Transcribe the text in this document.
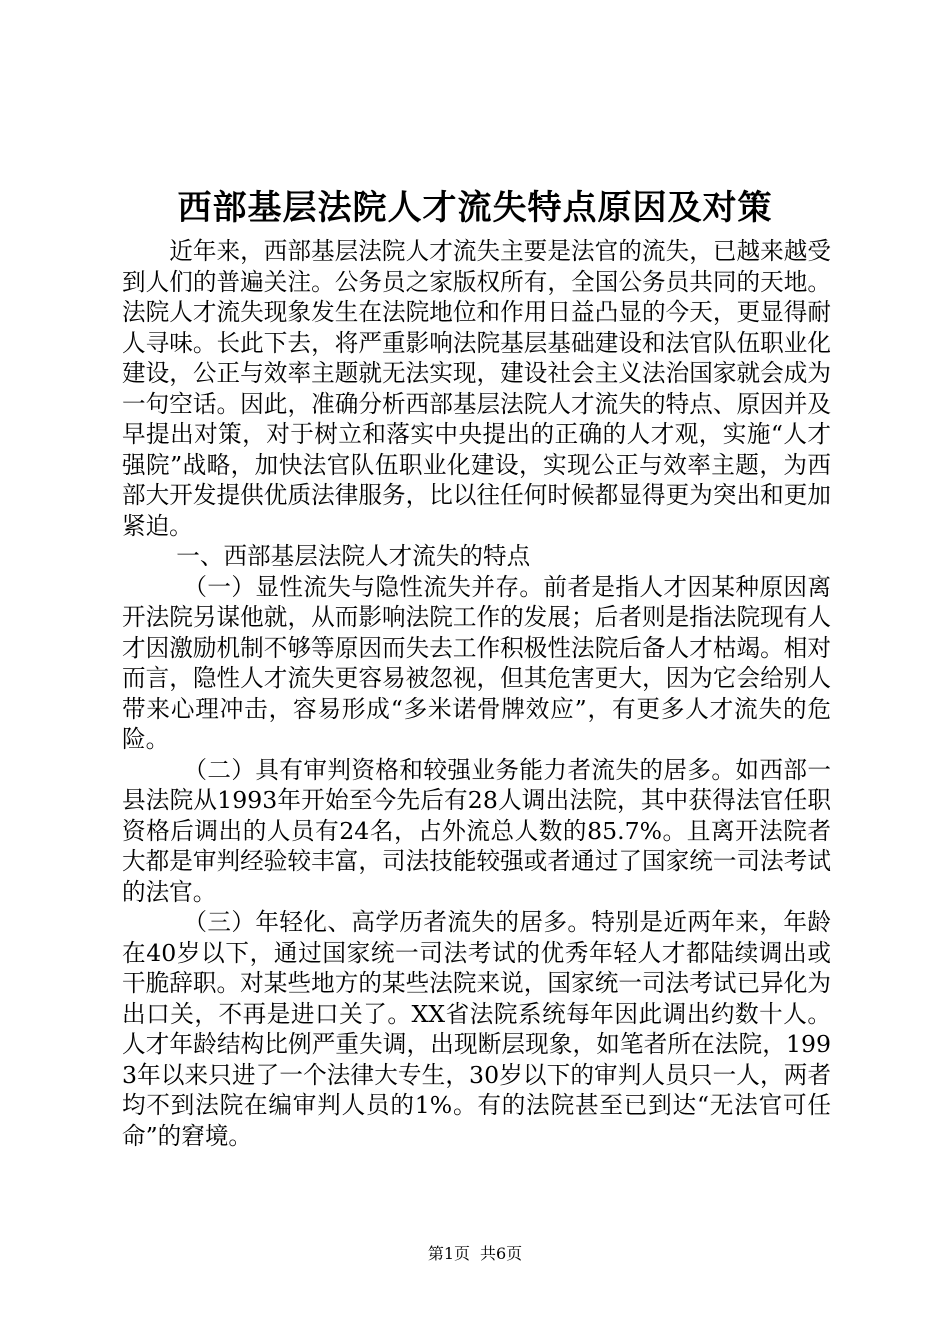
西部基层法院人才流失特点原因及对策

近年来，西部基层法院人才流失主要是法官的流失，已越来越受到人们的普遍关注。公务员之家版权所有，全国公务员共同的天地。法院人才流失现象发生在法院地位和作用日益凸显的今天，更显得耐人寻味。长此下去，将严重影响法院基层基础建设和法官队伍职业化建设，公正与效率主题就无法实现，建设社会主义法治国家就会成为一句空话。因此，准确分析西部基层法院人才流失的特点、原因并及早提出对策，对于树立和落实中央提出的正确的人才观，实施“人才强院”战略，加快法官队伍职业化建设，实现公正与效率主题，为西部大开发提供优质法律服务，比以往任何时候都显得更为突出和更加紧迫。

一、西部基层法院人才流失的特点

（一）显性流失与隐性流失并存。前者是指人才因某种原因离开法院另谋他就，从而影响法院工作的发展；后者则是指法院现有人才因激励机制不够等原因而失去工作积极性法院后备人才枯竭。相对而言，隐性人才流失更容易被忽视，但其危害更大，因为它会给别人带来心理冲击，容易形成“多米诺骨牌效应”，有更多人才流失的危险。

（二）具有审判资格和较强业务能力者流失的居多。如西部一县法院从1993年开始至今先后有28人调出法院，其中获得法官任职资格后调出的人员有24名，占外流总人数的85.7%。且离开法院者大都是审判经验较丰富，司法技能较强或者通过了国家统一司法考试的法官。

（三）年轻化、高学历者流失的居多。特别是近两年来，年龄在40岁以下，通过国家统一司法考试的优秀年轻人才都陆续调出或干脆辞职。对某些地方的某些法院来说，国家统一司法考试已异化为出口关，不再是进口关了。XX省法院系统每年因此调出约数十人。人才年龄结构比例严重失调，出现断层现象，如笔者所在法院，1993年以来只进了一个法律大专生，30岁以下的审判人员只一人，两者均不到法院在编审判人员的1%。有的法院甚至已到达“无法官可任命”的窘境。

第1页 共6页
